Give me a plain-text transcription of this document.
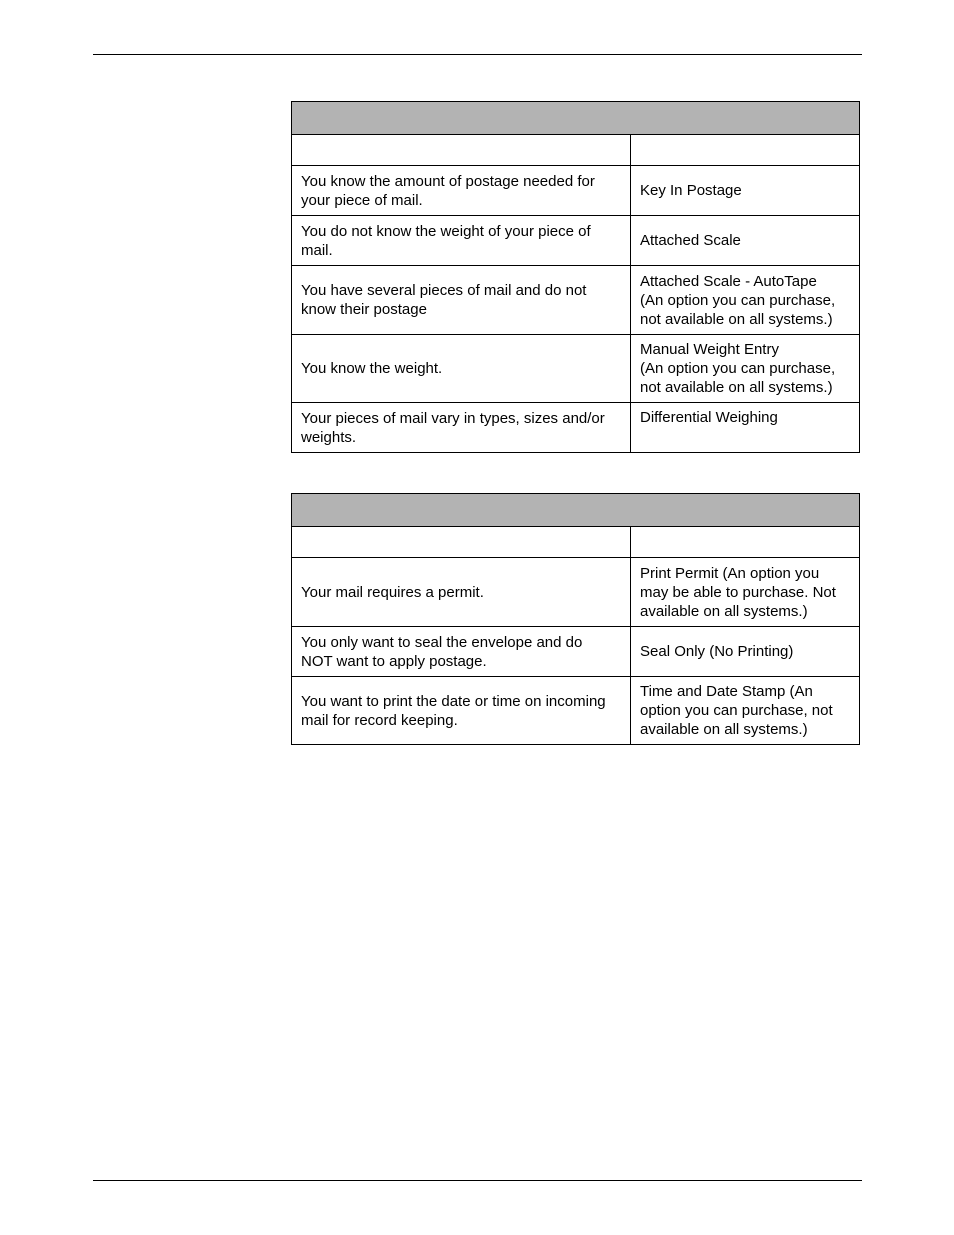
You know the amount of postage needed for
your piece of mail.	Key In Postage

You do not know the weight of your piece of
mail.	Attached Scale

You have several pieces of mail and do not
know their postage	Attached Scale - AutoTape
(An option you can purchase,
not available on all systems.)

You know the weight.	Manual Weight Entry
(An option you can purchase,
not available on all systems.)

Your pieces of mail vary in types, sizes and/or
weights.	Differential Weighing

Your mail requires a permit.	Print Permit (An option you
may be able to purchase. Not
available on all systems.)

You only want to seal the envelope and do
NOT want to apply postage.	Seal Only (No Printing)

You want to print the date or time on incoming
mail for record keeping.	Time and Date Stamp (An
option you can purchase, not
available on all systems.)
